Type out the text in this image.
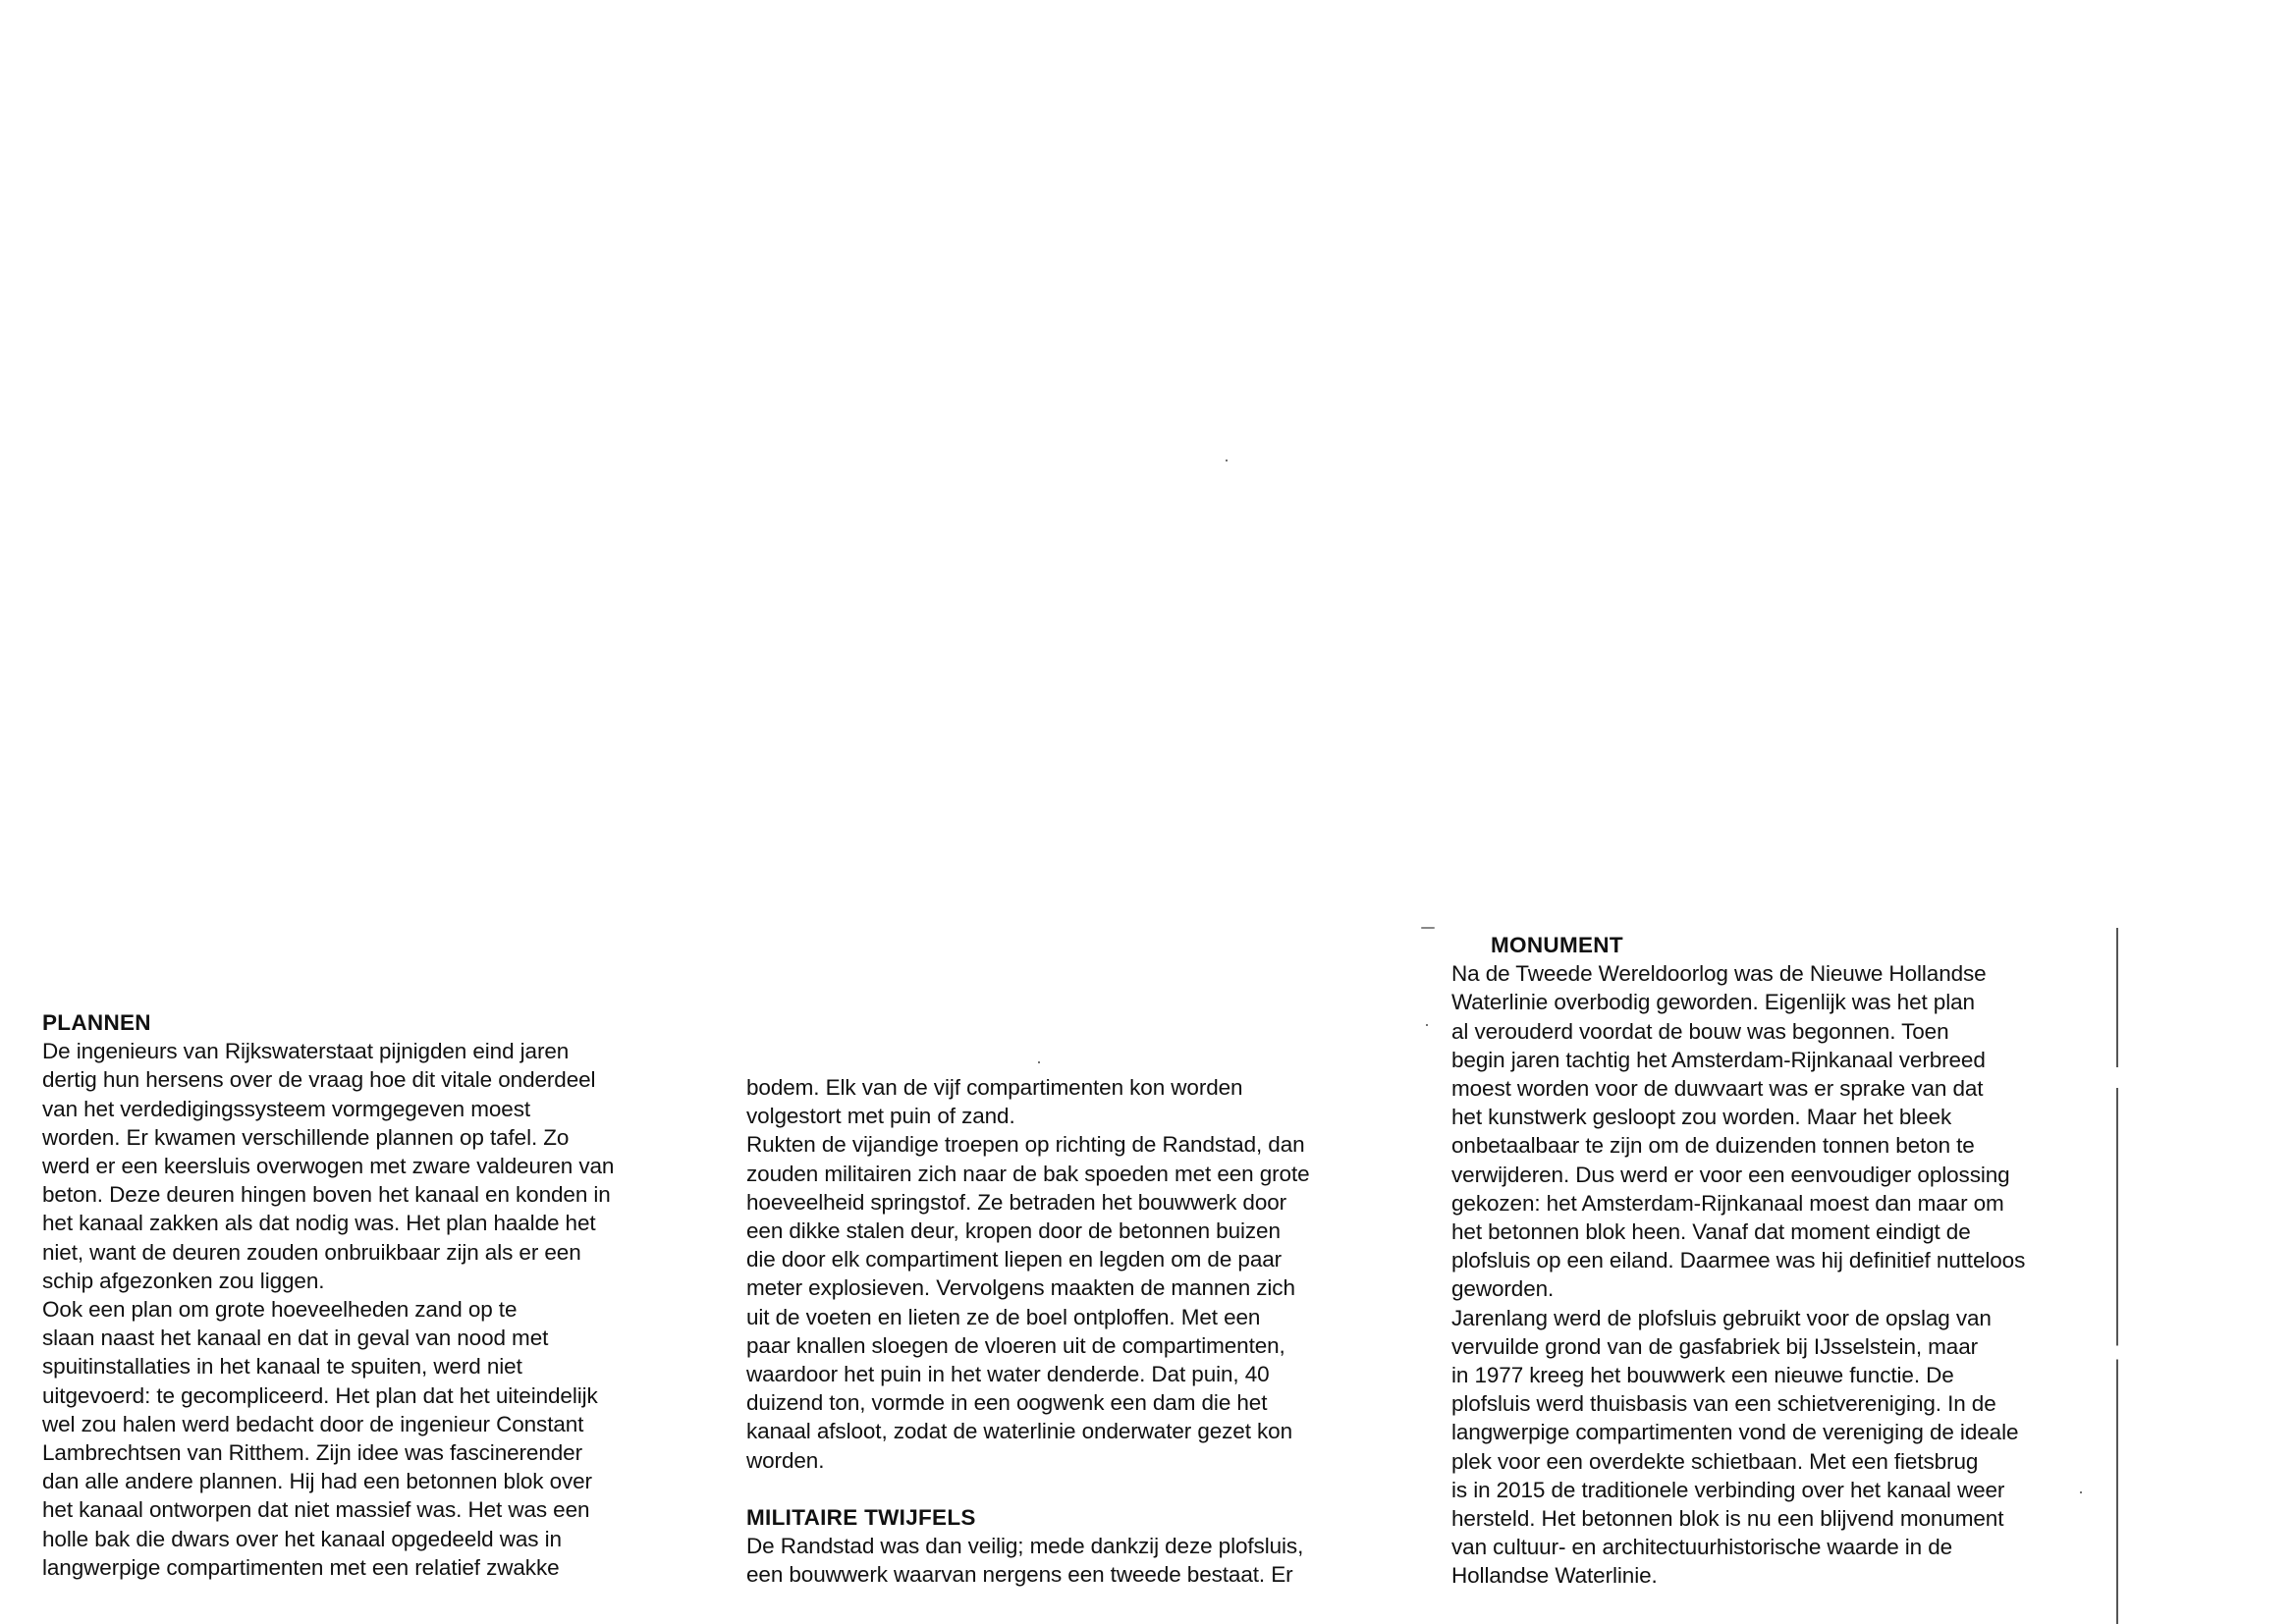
PLANNEN
De ingenieurs van Rijkswaterstaat pijnigden eind jaren
dertig hun hersens over de vraag hoe dit vitale onderdeel
van het verdedigingssysteem vormgegeven moest
worden. Er kwamen verschillende plannen op tafel. Zo
werd er een keersluis overwogen met zware valdeuren van
beton. Deze deuren hingen boven het kanaal en konden in
het kanaal zakken als dat nodig was. Het plan haalde het
niet, want de deuren zouden onbruikbaar zijn als er een
schip afgezonken zou liggen.
Ook een plan om grote hoeveelheden zand op te
slaan naast het kanaal en dat in geval van nood met
spuitinstallaties in het kanaal te spuiten, werd niet
uitgevoerd: te gecompliceerd. Het plan dat het uiteindelijk
wel zou halen werd bedacht door de ingenieur Constant
Lambrechtsen van Ritthem. Zijn idee was fascinerender
dan alle andere plannen. Hij had een betonnen blok over
het kanaal ontworpen dat niet massief was. Het was een
holle bak die dwars over het kanaal opgedeeld was in
langwerpige compartimenten met een relatief zwakke
bodem. Elk van de vijf compartimenten kon worden
volgestort met puin of zand.
Rukten de vijandige troepen op richting de Randstad, dan
zouden militairen zich naar de bak spoeden met een grote
hoeveelheid springstof. Ze betraden het bouwwerk door
een dikke stalen deur, kropen door de betonnen buizen
die door elk compartiment liepen en legden om de paar
meter explosieven. Vervolgens maakten de mannen zich
uit de voeten en lieten ze de boel ontploffen. Met een
paar knallen sloegen de vloeren uit de compartimenten,
waardoor het puin in het water denderde. Dat puin, 40
duizend ton, vormde in een oogwenk een dam die het
kanaal afsloot, zodat de waterlinie onderwater gezet kon
worden.
MILITAIRE TWIJFELS
De Randstad was dan veilig; mede dankzij deze plofsluis,
een bouwwerk waarvan nergens een tweede bestaat. Er
MONUMENT
Na de Tweede Wereldoorlog was de Nieuwe Hollandse
Waterlinie overbodig geworden. Eigenlijk was het plan
al verouderd voordat de bouw was begonnen. Toen
begin jaren tachtig het Amsterdam-Rijnkanaal verbreed
moest worden voor de duwvaart was er sprake van dat
het kunstwerk gesloopt zou worden. Maar het bleek
onbetaalbaar te zijn om de duizenden tonnen beton te
verwijderen. Dus werd er voor een eenvoudiger oplossing
gekozen: het Amsterdam-Rijnkanaal moest dan maar om
het betonnen blok heen. Vanaf dat moment eindigt de
plofsluis op een eiland. Daarmee was hij definitief nutteloos
geworden.
Jarenlang werd de plofsluis gebruikt voor de opslag van
vervuilde grond van de gasfabriek bij IJsselstein, maar
in 1977 kreeg het bouwwerk een nieuwe functie. De
plofsluis werd thuisbasis van een schietvereniging. In de
langwerpige compartimenten vond de vereniging de ideale
plek voor een overdekte schietbaan. Met een fietsbrug
is in 2015 de traditionele verbinding over het kanaal weer
hersteld. Het betonnen blok is nu een blijvend monument
van cultuur- en architectuurhistorische waarde in de
Hollandse Waterlinie.
